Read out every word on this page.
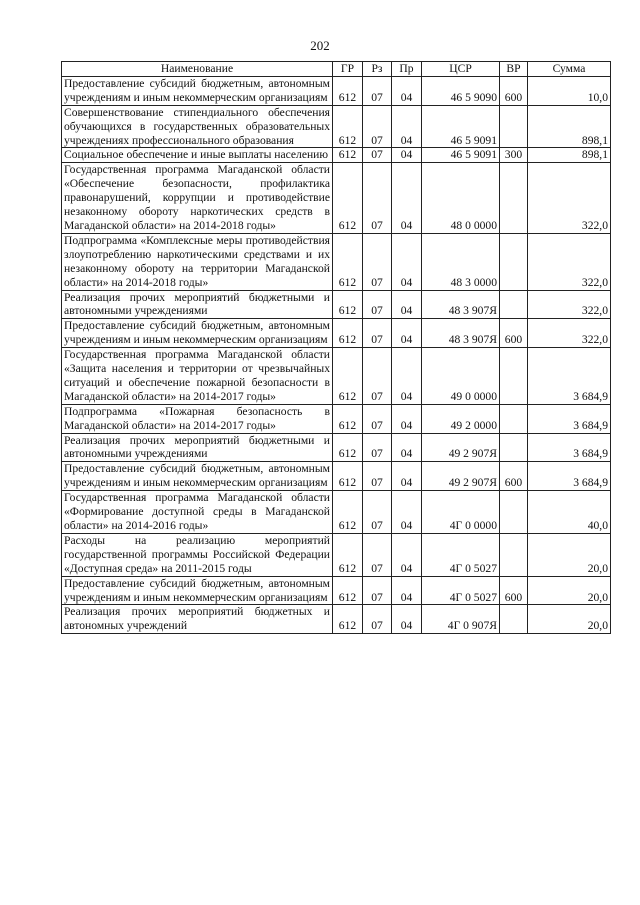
202
Наименование	ГР	Рз	Пр	ЦСР	ВР	Сумма
Предоставление субсидий бюджетным, автономным учреждениям и иным некоммерческим организациям	612	07	04	46 5 9090	600	10,0
Совершенствование стипендиального обеспечения обучающихся в государственных образовательных учреждениях профессионального образования	612	07	04	46 5 9091		898,1
Социальное обеспечение и иные выплаты населению	612	07	04	46 5 9091	300	898,1
Государственная программа Магаданской области «Обеспечение безопасности, профилактика правонарушений, коррупции и противодействие незаконному обороту наркотических средств в Магаданской области» на 2014-2018 годы»	612	07	04	48 0 0000		322,0
Подпрограмма «Комплексные меры противодействия злоупотреблению наркотическими средствами и их незаконному обороту на территории Магаданской области» на 2014-2018 годы»	612	07	04	48 3 0000		322,0
Реализация прочих мероприятий бюджетными и автономными учреждениями	612	07	04	48 3 907Я		322,0
Предоставление субсидий бюджетным, автономным учреждениям и иным некоммерческим организациям	612	07	04	48 3 907Я	600	322,0
Государственная программа Магаданской области «Защита населения и территории от чрезвычайных ситуаций и обеспечение пожарной безопасности в Магаданской области» на 2014-2017 годы»	612	07	04	49 0 0000		3 684,9
Подпрограмма «Пожарная безопасность в Магаданской области» на 2014-2017 годы»	612	07	04	49 2 0000		3 684,9
Реализация прочих мероприятий бюджетными и автономными учреждениями	612	07	04	49 2 907Я		3 684,9
Предоставление субсидий бюджетным, автономным учреждениям и иным некоммерческим организациям	612	07	04	49 2 907Я	600	3 684,9
Государственная программа Магаданской области «Формирование доступной среды в Магаданской области» на 2014-2016 годы»	612	07	04	4Г 0 0000		40,0
Расходы на реализацию мероприятий государственной программы Российской Федерации «Доступная среда» на 2011-2015 годы	612	07	04	4Г 0 5027		20,0
Предоставление субсидий бюджетным, автономным учреждениям и иным некоммерческим организациям	612	07	04	4Г 0 5027	600	20,0
Реализация прочих мероприятий бюджетных и автономных учреждений	612	07	04	4Г 0 907Я		20,0
